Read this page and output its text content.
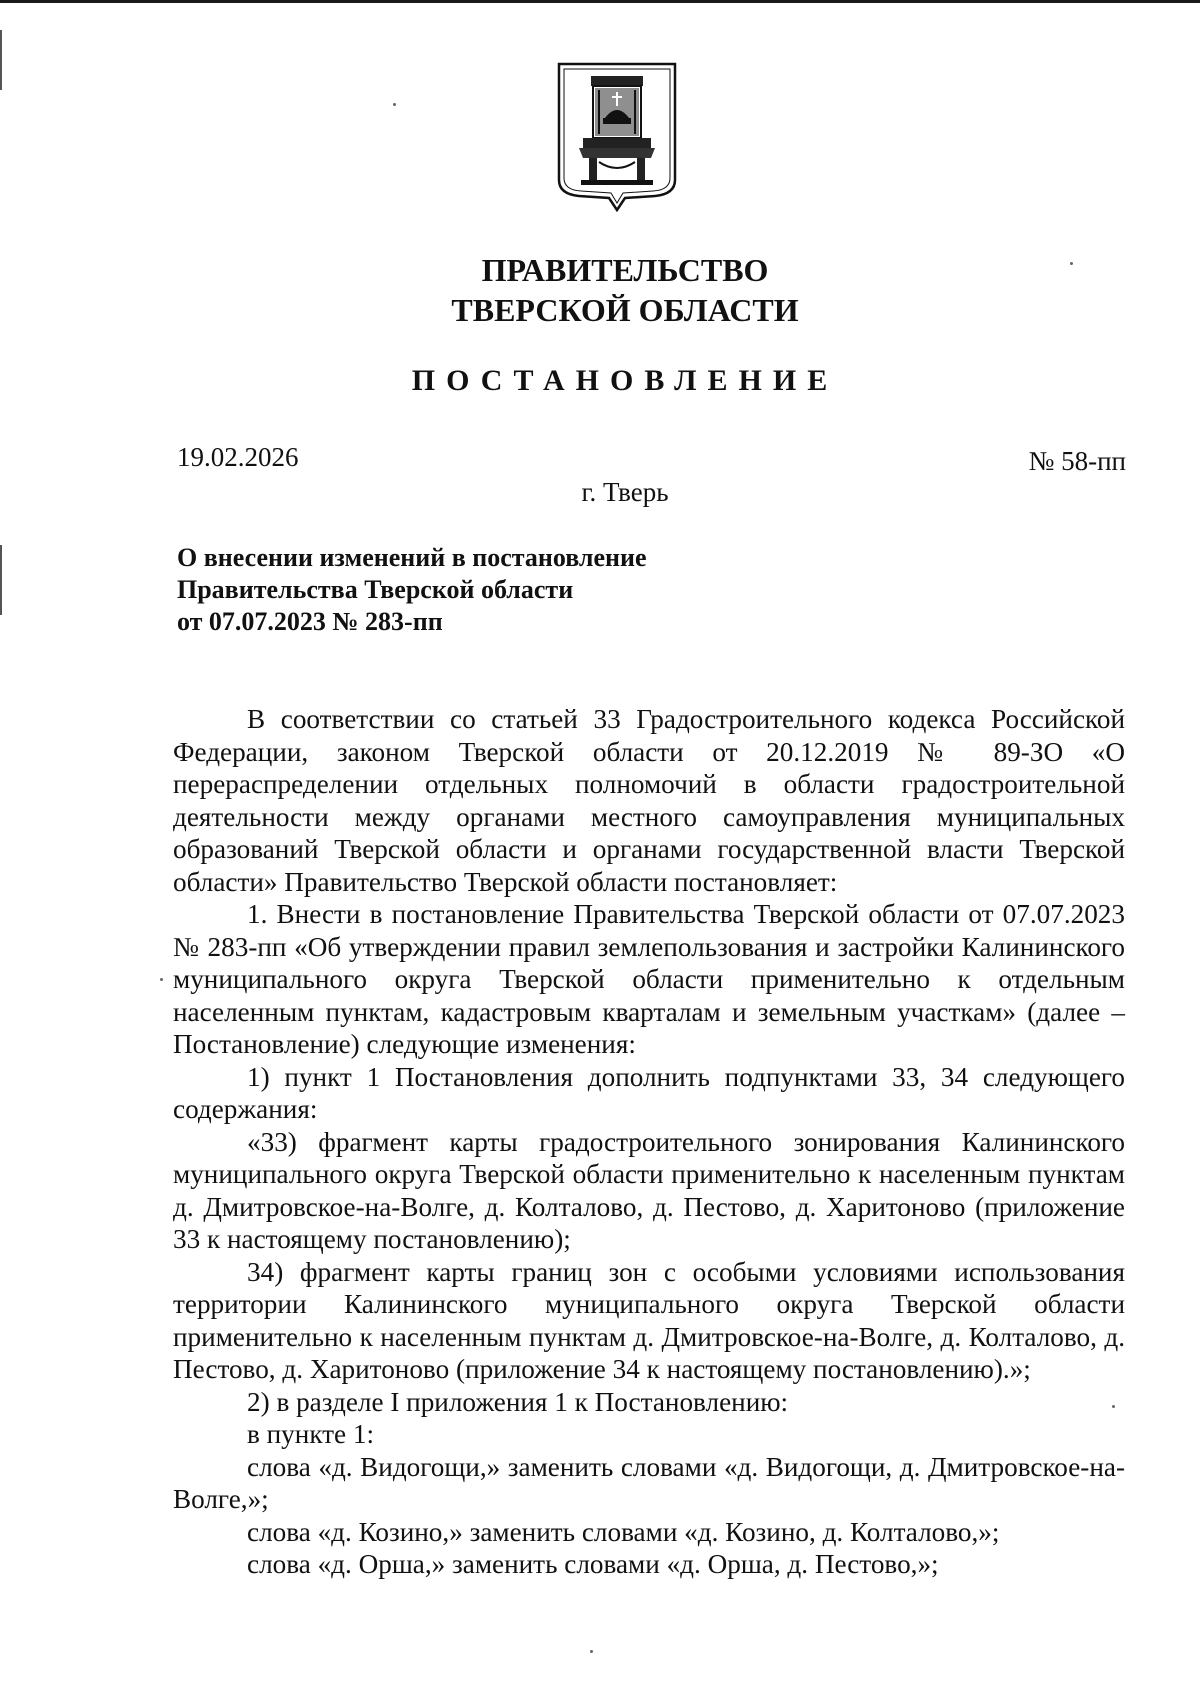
ПРАВИТЕЛЬСТВО
ТВЕРСКОЙ ОБЛАСТИ
ПОСТАНОВЛЕНИЕ
19.02.2026	№ 58-пп
г. Тверь
О внесении изменений в постановление
Правительства Тверской области
от 07.07.2023 № 283-пп

В соответствии со статьей 33 Градостроительного кодекса Российской Федерации, законом Тверской области от 20.12.2019 № 89-ЗО «О перераспределении отдельных полномочий в области градостроительной деятельности между органами местного самоуправления муниципальных образований Тверской области и органами государственной власти Тверской области» Правительство Тверской области постановляет:

1. Внести в постановление Правительства Тверской области от 07.07.2023 № 283-пп «Об утверждении правил землепользования и застройки Калининского муниципального округа Тверской области применительно к отдельным населенным пунктам, кадастровым кварталам и земельным участкам» (далее – Постановление) следующие изменения:

1) пункт 1 Постановления дополнить подпунктами 33, 34 следующего содержания:

«33) фрагмент карты градостроительного зонирования Калининского муниципального округа Тверской области применительно к населенным пунктам д. Дмитровское-на-Волге, д. Колталово, д. Пестово, д. Харитоново (приложение 33 к настоящему постановлению);

34) фрагмент карты границ зон с особыми условиями использования территории Калининского муниципального округа Тверской области применительно к населенным пунктам д. Дмитровское-на-Волге, д. Колталово, д. Пестово, д. Харитоново (приложение 34 к настоящему постановлению).»;

2) в разделе I приложения 1 к Постановлению:

в пункте 1:

слова «д. Видогощи,» заменить словами «д. Видогощи, д. Дмитровское-на-Волге,»;

слова «д. Козино,» заменить словами «д. Козино, д. Колталово,»;

слова «д. Орша,» заменить словами «д. Орша, д. Пестово,»;
